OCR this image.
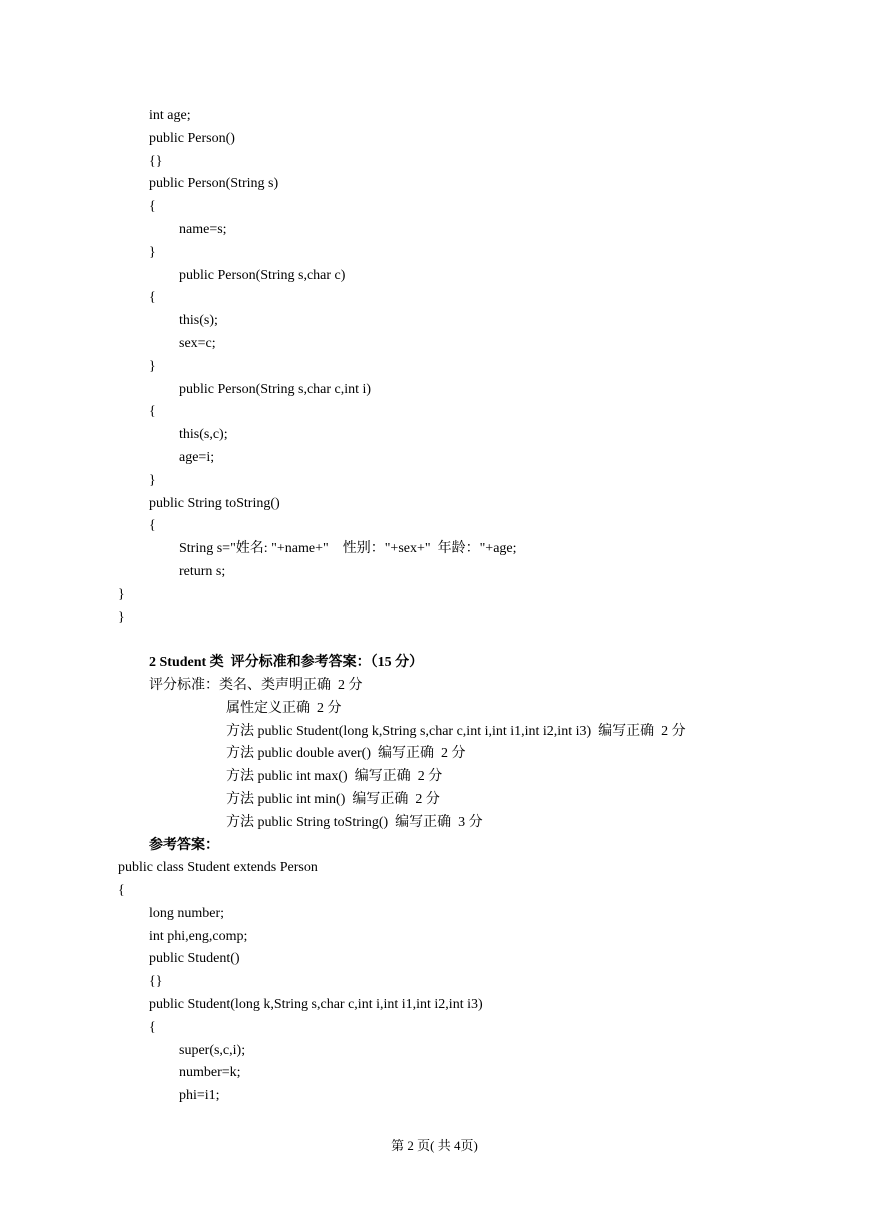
int age;
public Person()
{}
public Person(String s)
{
name=s;
}
public Person(String s,char c)
{
this(s);
sex=c;
}
public Person(String s,char c,int i)
{
this(s,c);
age=i;
}
public String toString()
{
String s="姓名: "+name+"    性别："+sex+"  年龄："+age;
return s;
}
}
2 Student 类  评分标准和参考答案：（15 分）
评分标准：类名、类声明正确  2 分
属性定义正确  2 分
方法 public Student(long k,String s,char c,int i,int i1,int i2,int i3)  编写正确  2 分
方法 public double aver()  编写正确  2 分
方法 public int max()  编写正确  2 分
方法 public int min()  编写正确  2 分
方法 public String toString()  编写正确  3 分
参考答案：
public class Student extends Person
{
long number;
int phi,eng,comp;
public Student()
{}
public Student(long k,String s,char c,int i,int i1,int i2,int i3)
{
super(s,c,i);
number=k;
phi=i1;
第 2 页( 共 4页)
